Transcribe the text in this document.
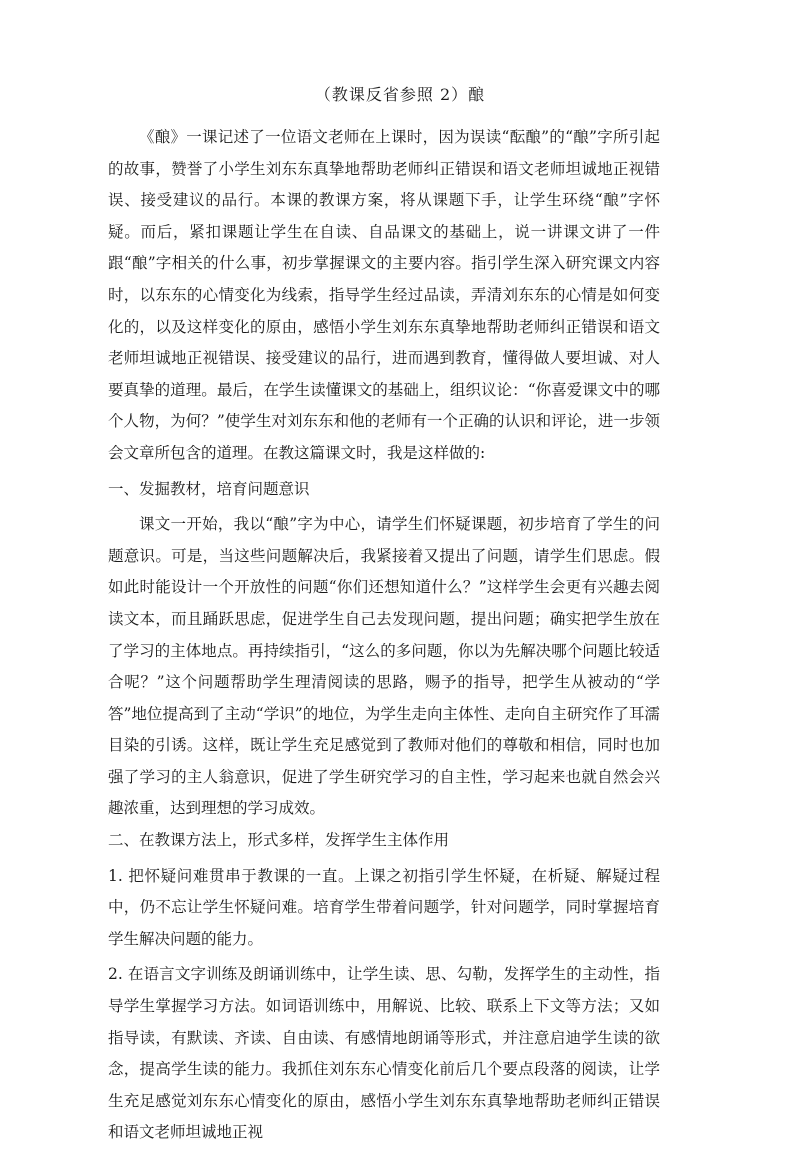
（教课反省参照 2）酿

《酿》一课记述了一位语文老师在上课时，因为误读“酝酿”的“酿”字所引起的故事，赞誉了小学生刘东东真挚地帮助老师纠正错误和语文老师坦诚地正视错误、接受建议的品行。本课的教课方案，将从课题下手，让学生环绕“酿”字怀疑。而后，紧扣课题让学生在自读、自品课文的基础上，说一讲课文讲了一件跟“酿”字相关的什么事，初步掌握课文的主要内容。指引学生深入研究课文内容时，以东东的心情变化为线索，指导学生经过品读，弄清刘东东的心情是如何变化的，以及这样变化的原由，感悟小学生刘东东真挚地帮助老师纠正错误和语文老师坦诚地正视错误、接受建议的品行，进而遇到教育，懂得做人要坦诚、对人要真挚的道理。最后，在学生读懂课文的基础上，组织议论：“你喜爱课文中的哪个人物，为何？”使学生对刘东东和他的老师有一个正确的认识和评论，进一步领会文章所包含的道理。在教这篇课文时，我是这样做的:

一、发掘教材，培育问题意识

课文一开始，我以“酿”字为中心，请学生们怀疑课题，初步培育了学生的问题意识。可是，当这些问题解决后，我紧接着又提出了问题，请学生们思虑。假如此时能设计一个开放性的问题“你们还想知道什么？”这样学生会更有兴趣去阅读文本，而且踊跃思虑，促进学生自己去发现问题，提出问题；确实把学生放在了学习的主体地点。再持续指引，“这么的多问题，你以为先解决哪个问题比较适合呢？”这个问题帮助学生理清阅读的思路，赐予的指导，把学生从被动的“学答”地位提高到了主动“学识”的地位，为学生走向主体性、走向自主研究作了耳濡目染的引诱。这样，既让学生充足感觉到了教师对他们的尊敬和相信，同时也加强了学习的主人翁意识，促进了学生研究学习的自主性，学习起来也就自然会兴趣浓重，达到理想的学习成效。

二、在教课方法上，形式多样，发挥学生主体作用

1. 把怀疑问难贯串于教课的一直。上课之初指引学生怀疑，在析疑、解疑过程中，仍不忘让学生怀疑问难。培育学生带着问题学，针对问题学，同时掌握培育学生解决问题的能力。

2. 在语言文字训练及朗诵训练中，让学生读、思、勾勒，发挥学生的主动性，指导学生掌握学习方法。如词语训练中，用解说、比较、联系上下文等方法；又如指导读，有默读、齐读、自由读、有感情地朗诵等形式，并注意启迪学生读的欲念，提高学生读的能力。我抓住刘东东心情变化前后几个要点段落的阅读，让学生充足感觉刘东东心情变化的原由，感悟小学生刘东东真挚地帮助老师纠正错误和语文老师坦诚地正视
